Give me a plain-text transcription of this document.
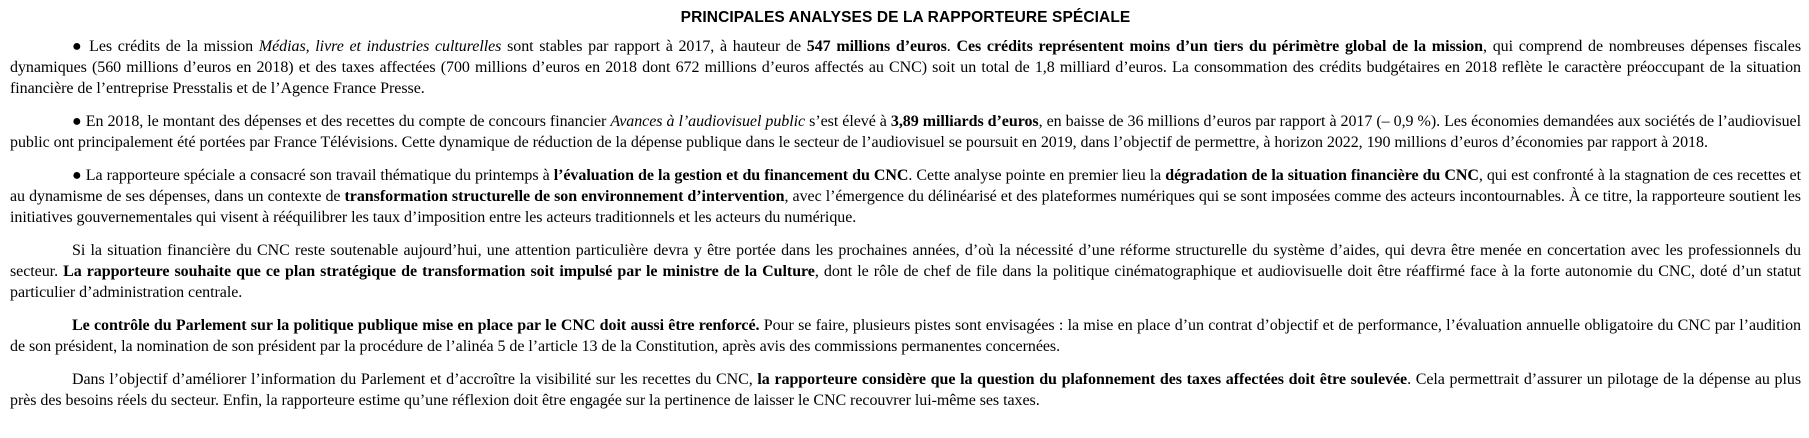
PRINCIPALES ANALYSES DE LA RAPPORTEURE SPÉCIALE

● Les crédits de la mission Médias, livre et industries culturelles sont stables par rapport à 2017, à hauteur de 547 millions d’euros. Ces crédits représentent moins d’un tiers du périmètre global de la mission, qui comprend de nombreuses dépenses fiscales dynamiques (560 millions d’euros en 2018) et des taxes affectées (700 millions d’euros en 2018 dont 672 millions d’euros affectés au CNC) soit un total de 1,8 milliard d’euros. La consommation des crédits budgétaires en 2018 reflète le caractère préoccupant de la situation financière de l’entreprise Presstalis et de l’Agence France Presse.

● En 2018, le montant des dépenses et des recettes du compte de concours financier Avances à l’audiovisuel public s’est élevé à 3,89 milliards d’euros, en baisse de 36 millions d’euros par rapport à 2017 (– 0,9 %). Les économies demandées aux sociétés de l’audiovisuel public ont principalement été portées par France Télévisions. Cette dynamique de réduction de la dépense publique dans le secteur de l’audiovisuel se poursuit en 2019, dans l’objectif de permettre, à horizon 2022, 190 millions d’euros d’économies par rapport à 2018.

● La rapporteure spéciale a consacré son travail thématique du printemps à l’évaluation de la gestion et du financement du CNC. Cette analyse pointe en premier lieu la dégradation de la situation financière du CNC, qui est confronté à la stagnation de ces recettes et au dynamisme de ses dépenses, dans un contexte de transformation structurelle de son environnement d’intervention, avec l’émergence du délinéarisé et des plateformes numériques qui se sont imposées comme des acteurs incontournables. À ce titre, la rapporteure soutient les initiatives gouvernementales qui visent à rééquilibrer les taux d’imposition entre les acteurs traditionnels et les acteurs du numérique.

Si la situation financière du CNC reste soutenable aujourd’hui, une attention particulière devra y être portée dans les prochaines années, d’où la nécessité d’une réforme structurelle du système d’aides, qui devra être menée en concertation avec les professionnels du secteur. La rapporteure souhaite que ce plan stratégique de transformation soit impulsé par le ministre de la Culture, dont le rôle de chef de file dans la politique cinématographique et audiovisuelle doit être réaffirmé face à la forte autonomie du CNC, doté d’un statut particulier d’administration centrale.

Le contrôle du Parlement sur la politique publique mise en place par le CNC doit aussi être renforcé. Pour se faire, plusieurs pistes sont envisagées : la mise en place d’un contrat d’objectif et de performance, l’évaluation annuelle obligatoire du CNC par l’audition de son président, la nomination de son président par la procédure de l’alinéa 5 de l’article 13 de la Constitution, après avis des commissions permanentes concernées.

Dans l’objectif d’améliorer l’information du Parlement et d’accroître la visibilité sur les recettes du CNC, la rapporteure considère que la question du plafonnement des taxes affectées doit être soulevée. Cela permettrait d’assurer un pilotage de la dépense au plus près des besoins réels du secteur. Enfin, la rapporteure estime qu’une réflexion doit être engagée sur la pertinence de laisser le CNC recouvrer lui-même ses taxes.
